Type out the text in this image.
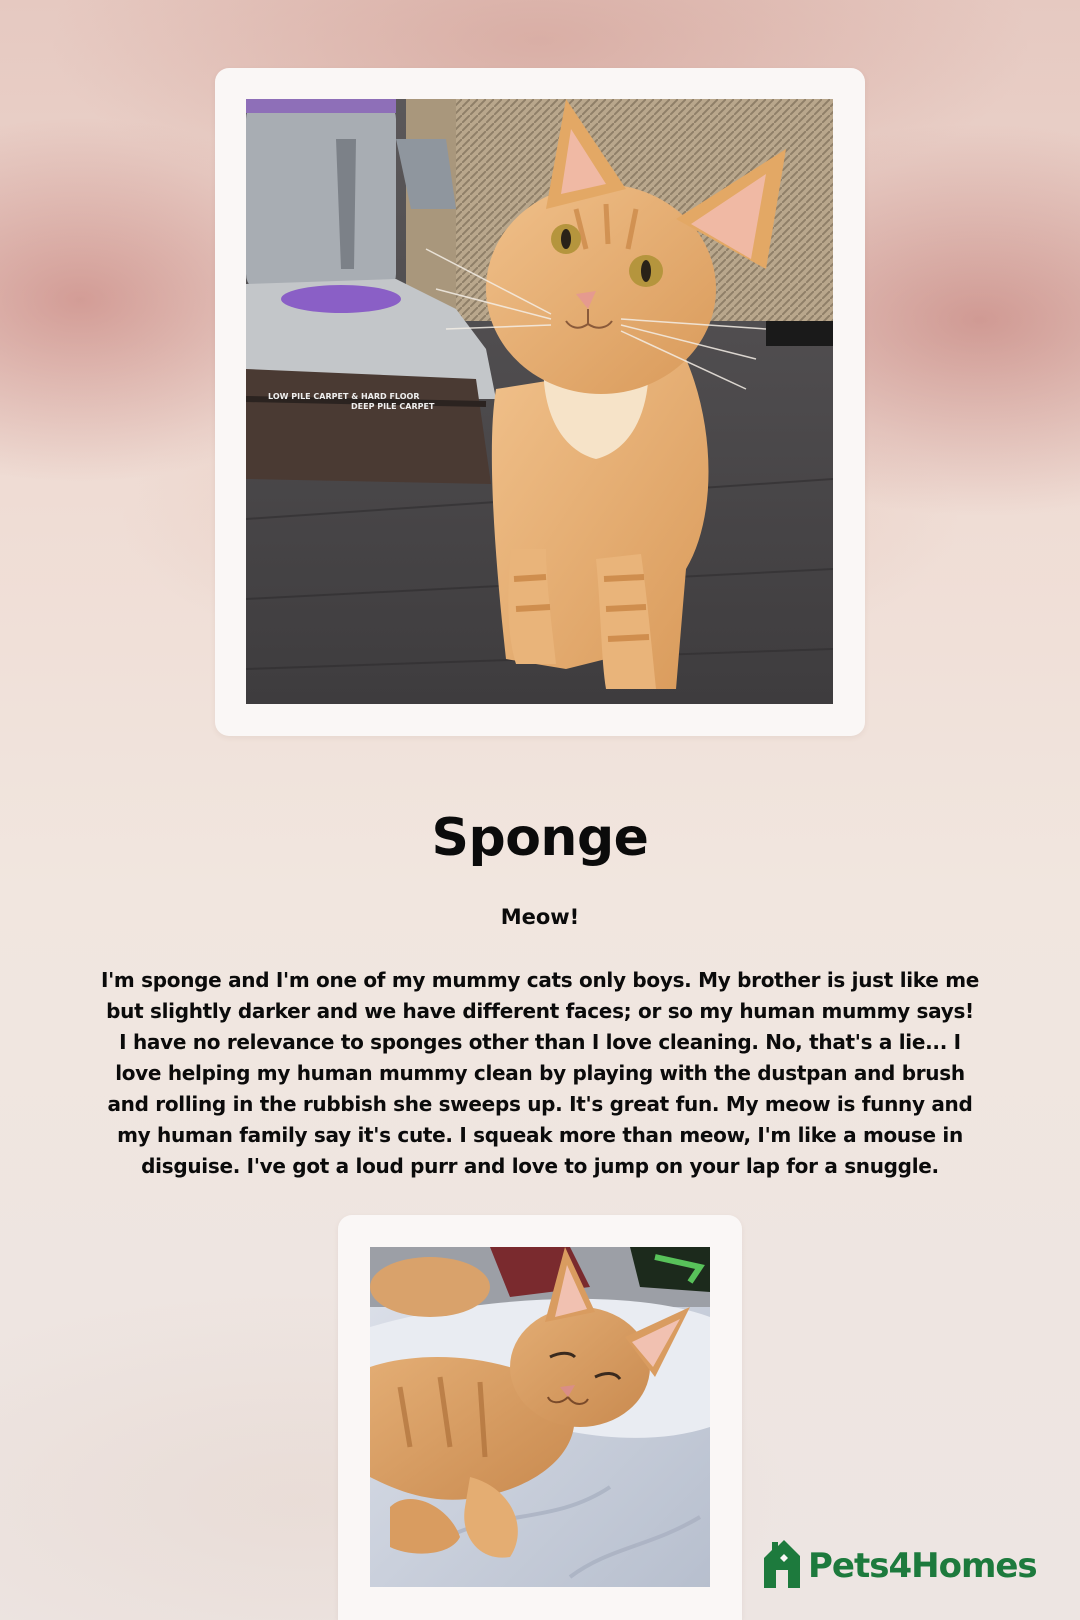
LOW PILE CARPET & HARD FLOOR
DEEP PILE CARPET
Sponge
Meow!
I'm sponge and I'm one of my mummy cats only boys. My brother is just like me but slightly darker and we have different faces; or so my human mummy says! I have no relevance to sponges other than I love cleaning. No, that's a lie... I love helping my human mummy clean by playing with the dustpan and brush and rolling in the rubbish she sweeps up. It's great fun. My meow is funny and my human family say it's cute. I squeak more than meow, I'm like a mouse in disguise. I've got a loud purr and love to jump on your lap for a snuggle.
Pets4Homes
